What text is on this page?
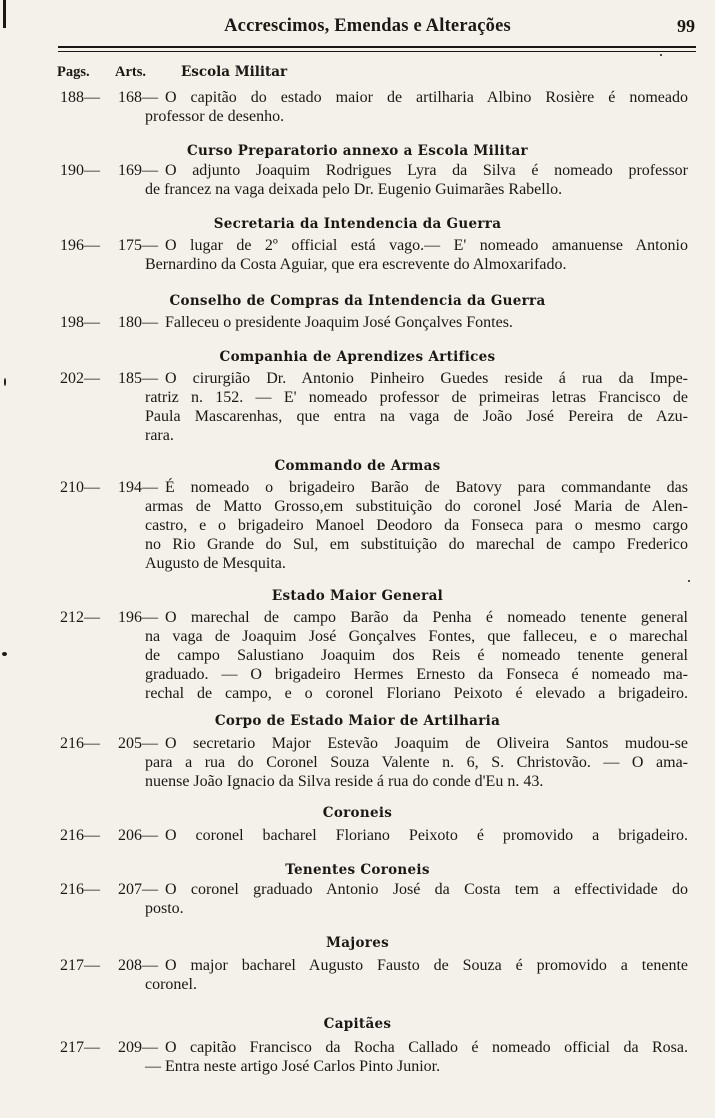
Accrescimos, Emendas e Alterações	99
Pags. Arts.	Escola Militar
188— 168— O capitão do estado maior de artilharia Albino Rosière é nomeado
professor de desenho.
Curso Preparatorio annexo a Escola Militar
190— 169— O adjunto Joaquim Rodrigues Lyra da Silva é nomeado professor
de francez na vaga deixada pelo Dr. Eugenio Guimarães Rabello.
Secretaria da Intendencia da Guerra
196— 175— O lugar de 2º official está vago.— E' nomeado amanuense Antonio
Bernardino da Costa Aguiar, que era escrevente do Almoxarifado.
Conselho de Compras da Intendencia da Guerra
198— 180— Falleceu o presidente Joaquim José Gonçalves Fontes.
Companhia de Aprendizes Artifices
202— 185— O cirurgião Dr. Antonio Pinheiro Guedes reside á rua da Impe-
ratriz n. 152. — E' nomeado professor de primeiras letras Francisco de
Paula Mascarenhas, que entra na vaga de João José Pereira de Azu-
rara.
Commando de Armas
210— 194— É nomeado o brigadeiro Barão de Batovy para commandante das
armas de Matto Grosso,em substituição do coronel José Maria de Alen-
castro, e o brigadeiro Manoel Deodoro da Fonseca para o mesmo cargo
no Rio Grande do Sul, em substituição do marechal de campo Frederico
Augusto de Mesquita.
Estado Maior General
212— 196— O marechal de campo Barão da Penha é nomeado tenente general
na vaga de Joaquim José Gonçalves Fontes, que falleceu, e o marechal
de campo Salustiano Joaquim dos Reis é nomeado tenente general
graduado. — O brigadeiro Hermes Ernesto da Fonseca é nomeado ma-
rechal de campo, e o coronel Floriano Peixoto é elevado a brigadeiro.
Corpo de Estado Maior de Artilharia
216— 205— O secretario Major Estevão Joaquim de Oliveira Santos mudou-se
para a rua do Coronel Souza Valente n. 6, S. Christovão. — O ama-
nuense João Ignacio da Silva reside á rua do conde d'Eu n. 43.
Coroneis
216— 206— O coronel bacharel Floriano Peixoto é promovido a brigadeiro.
Tenentes Coroneis
216— 207— O coronel graduado Antonio José da Costa tem a effectividade do
posto.
Majores
217— 208— O major bacharel Augusto Fausto de Souza é promovido a tenente
coronel.
Capitães
217— 209— O capitão Francisco da Rocha Callado é nomeado official da Rosa.
— Entra neste artigo José Carlos Pinto Junior.
